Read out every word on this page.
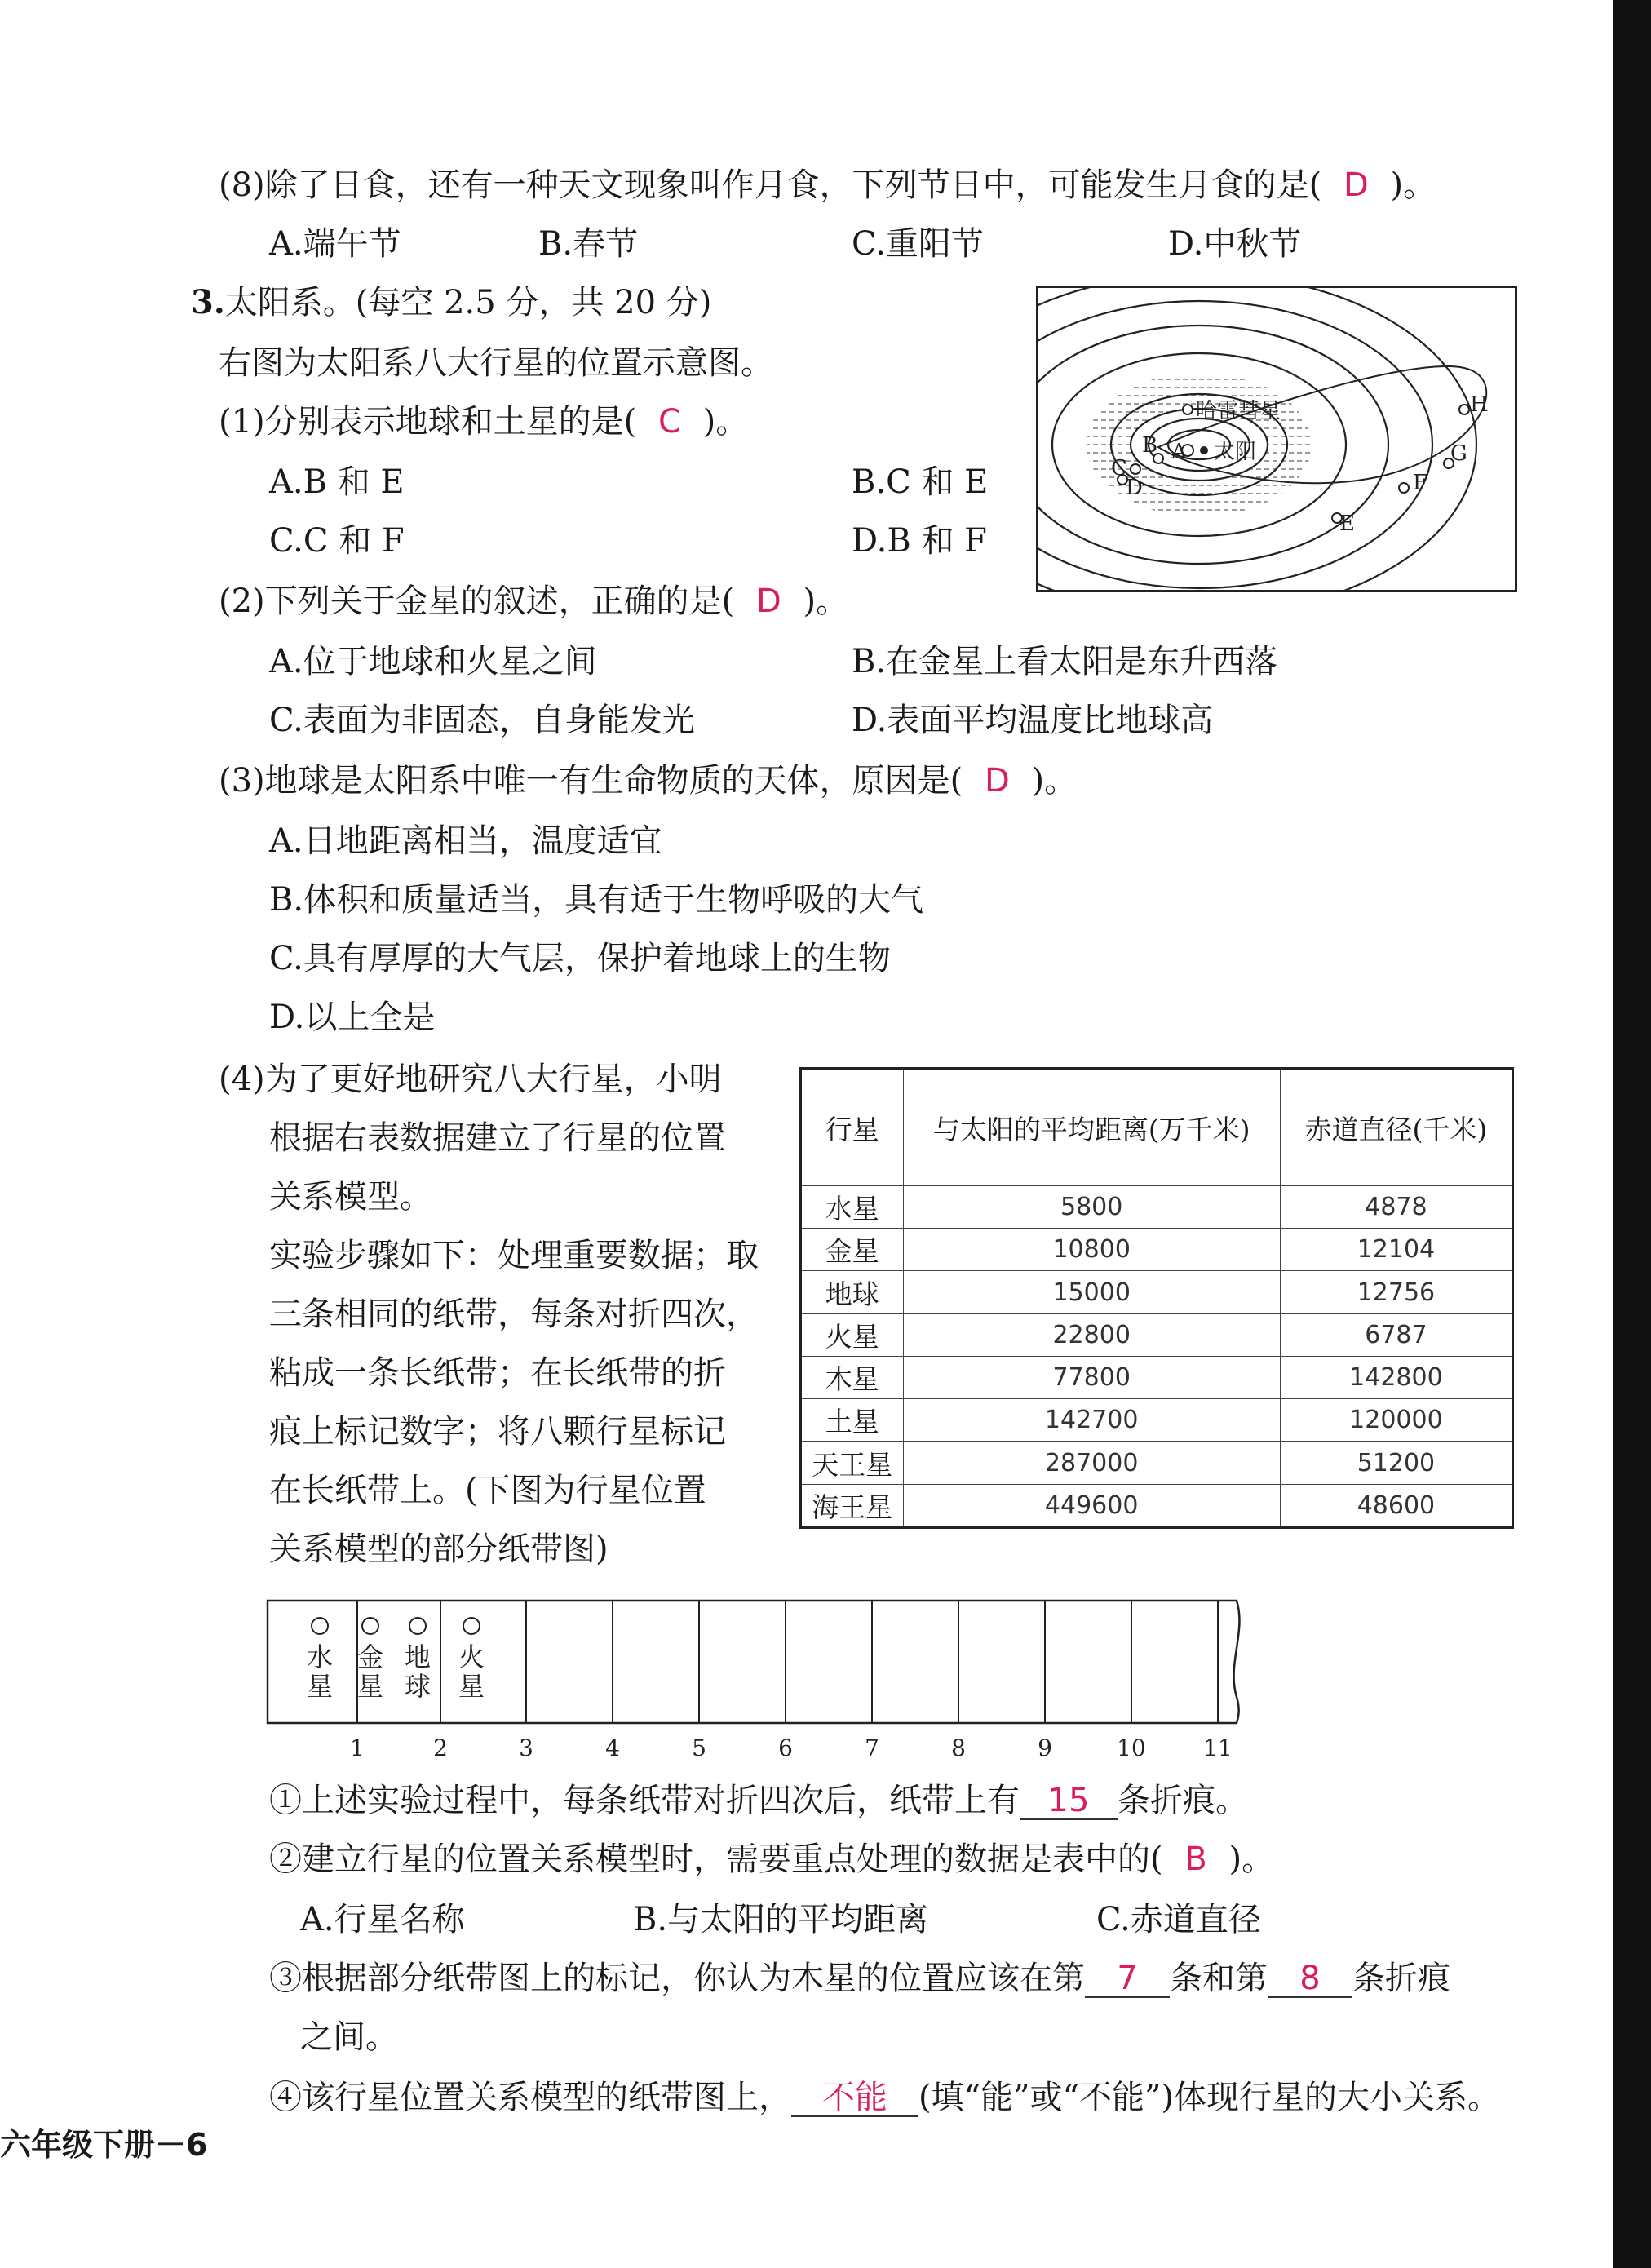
(8)除了日食，还有一种天文现象叫作月食，下列节日中，可能发生月食的是( D )。
A.端午节	B.春节	C.重阳节	D.中秋节
3.太阳系。(每空 2.5 分，共 20 分)
右图为太阳系八大行星的位置示意图。
A 太阳
B
C
D
哈雷彗星
E
F
G
H
(1)分别表示地球和土星的是( C )。
A.B 和 E	B.C 和 E
C.C 和 F	D.B 和 F
(2)下列关于金星的叙述，正确的是( D )。
A.位于地球和火星之间	B.在金星上看太阳是东升西落
C.表面为非固态，自身能发光	D.表面平均温度比地球高
(3)地球是太阳系中唯一有生命物质的天体，原因是( D )。
A.日地距离相当，温度适宜
B.体积和质量适当，具有适于生物呼吸的大气
C.具有厚厚的大气层，保护着地球上的生物
D.以上全是
(4)为了更好地研究八大行星，小明
根据右表数据建立了行星的位置
关系模型。
实验步骤如下：处理重要数据；取
三条相同的纸带，每条对折四次，
粘成一条长纸带；在长纸带的折
痕上标记数字；将八颗行星标记
在长纸带上。(下图为行星位置
关系模型的部分纸带图)
行星	与太阳的平均距离(万千米)	赤道直径(千米)
水星	5800	4878
金星	10800	12104
地球	15000	12756
火星	22800	6787
木星	77800	142800
土星	142700	120000
天王星	287000	51200
海王星	449600	48600
水
星
金
星
地
球
火
星
1	2	3	4	5	6	7	8	9	10	11
①上述实验过程中，每条纸带对折四次后，纸带上有 15 条折痕。
②建立行星的位置关系模型时，需要重点处理的数据是表中的( B )。
A.行星名称	B.与太阳的平均距离	C.赤道直径
③根据部分纸带图上的标记，你认为木星的位置应该在第 7 条和第 8 条折痕
之间。
④该行星位置关系模型的纸带图上， 不能 (填“能”或“不能”)体现行星的大小关系。
六年级下册－6
